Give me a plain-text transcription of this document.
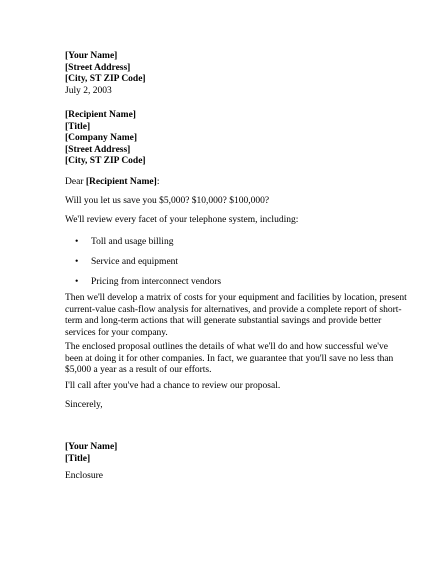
[Your Name]
[Street Address]
[City, ST ZIP Code]
July 2, 2003
[Recipient Name]
[Title]
[Company Name]
[Street Address]
[City, ST ZIP Code]
Dear [Recipient Name]:

Will you let us save you $5,000? $10,000? $100,000?

We'll review every facet of your telephone system, including:

• Toll and usage billing
• Service and equipment
• Pricing from interconnect vendors
Then we'll develop a matrix of costs for your equipment and facilities by location, present
current-value cash-flow analysis for alternatives, and provide a complete report of short-
term and long-term actions that will generate substantial savings and provide better
services for your company.
The enclosed proposal outlines the details of what we'll do and how successful we've
been at doing it for other companies. In fact, we guarantee that you'll save no less than
$5,000 a year as a result of our efforts.

I'll call after you've had a chance to review our proposal.

Sincerely,
[Your Name]
[Title]
Enclosure
